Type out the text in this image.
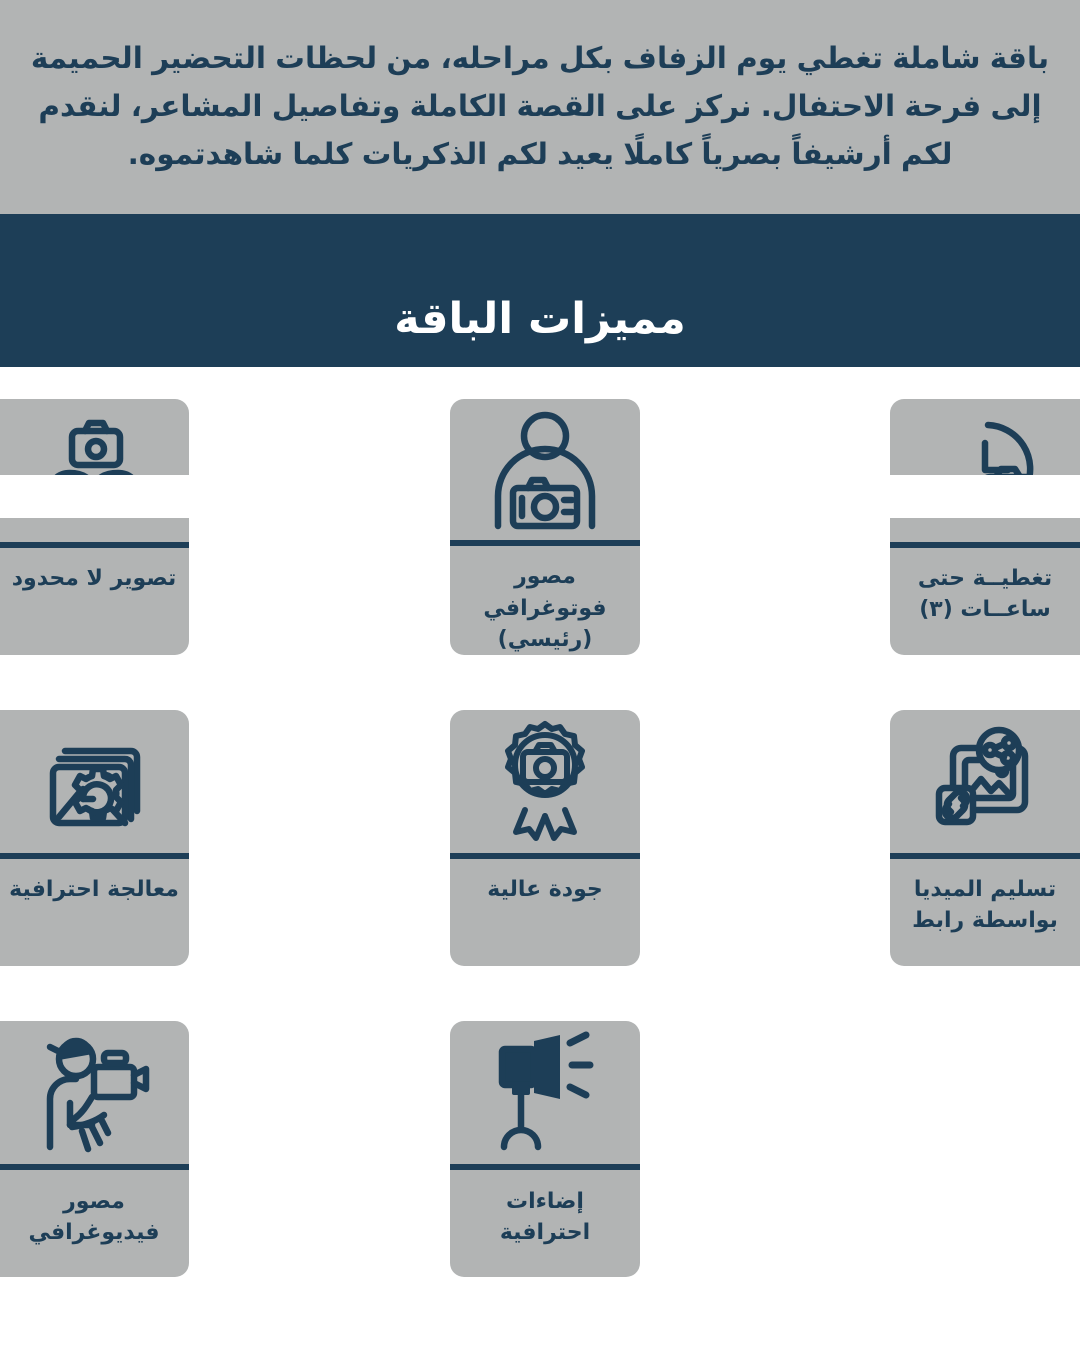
باقة شاملة تغطي يوم الزفاف بكل مراحله، من لحظات التحضير الحميمة إلى فرحة الاحتفال. نركز على القصة الكاملة وتفاصيل المشاعر، لنقدم لكم أرشيفاً بصرياً كاملًا يعيد لكم الذكريات كلما شاهدتموه.

مميزات الباقة
تغطيــة حتى ساعــات (٣)
مصور فوتوغرافي (رئيسي)
تصوير لا محدود
تسليم الميديا بواسطة رابط
جودة عالية
معالجة احترافية
إضاءات احترافية
مصور فيديوغرافي
